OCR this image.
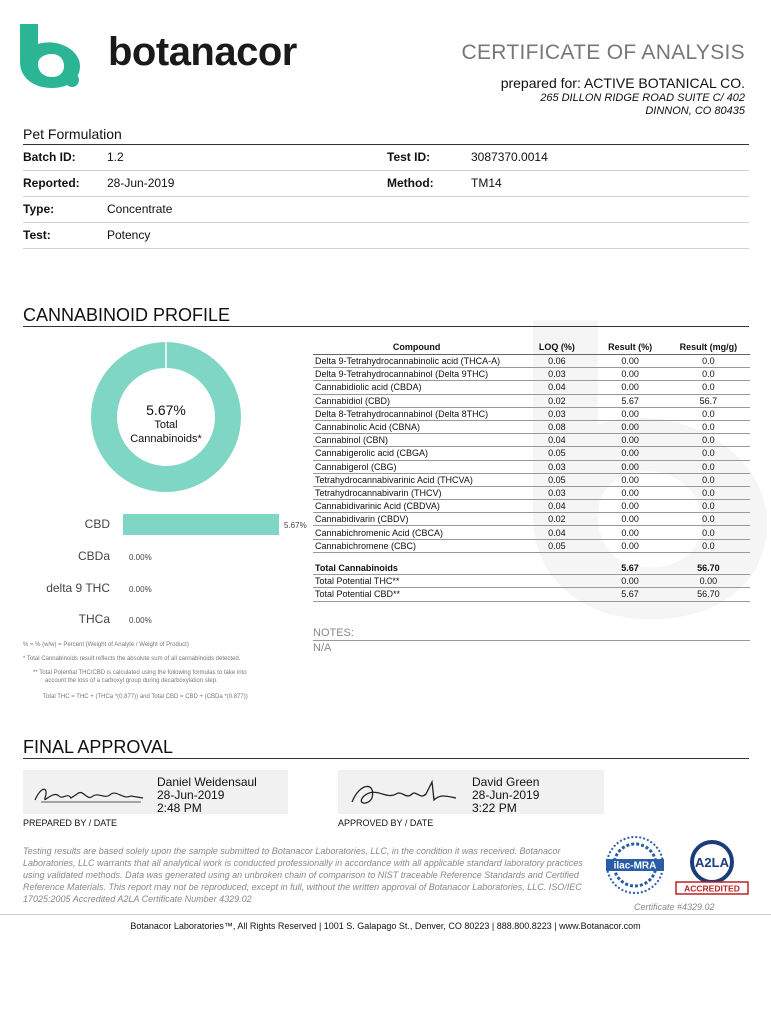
botanacor	CERTIFICATE OF ANALYSIS
prepared for: ACTIVE BOTANICAL CO.
265 DILLON RIDGE ROAD SUITE C/ 402
DINNON, CO 80435
Pet Formulation
Batch ID:	1.2	Test ID:	3087370.0014
Reported: 28-Jun-2019	Method:	TM14
Type:	Concentrate
Test:	Potency
CANNABINOID PROFILE
5.67%
Total
Cannabinoids*
CBD	5.67%
CBDa 0.00%
delta 9 THC 0.00%
THCa 0.00%
Compound	LOQ (%)	Result (%)	Result (mg/g)
Delta 9-Tetrahydrocannabinolic acid (THCA-A)	0.06	0.00	0.0
Delta 9-Tetrahydrocannabinol (Delta 9THC)	0.03	0.00	0.0
Cannabidiolic acid (CBDA)	0.04	0.00	0.0
Cannabidiol (CBD)	0.02	5.67	56.7
Delta 8-Tetrahydrocannabinol (Delta 8THC)	0.03	0.00	0.0
Cannabinolic Acid (CBNA)	0.08	0.00	0.0
Cannabinol (CBN)	0.04	0.00	0.0
Cannabigerolic acid (CBGA)	0.05	0.00	0.0
Cannabigerol (CBG)	0.03	0.00	0.0
Tetrahydrocannabivarinic Acid (THCVA)	0.05	0.00	0.0
Tetrahydrocannabivarin (THCV)	0.03	0.00	0.0
Cannabidivarinic Acid (CBDVA)	0.04	0.00	0.0
Cannabidivarin (CBDV)	0.02	0.00	0.0
Cannabichromenic Acid (CBCA)	0.04	0.00	0.0
Cannabichromene (CBC)	0.05	0.00	0.0
Total Cannabinoids		5.67	56.70
Total Potential THC**		0.00	0.00
Total Potential CBD**		5.67	56.70
NOTES:
N/A
% = % (w/w) = Percent (Weight of Analyte / Weight of Product)
* Total Cannabinoids result reflects the absolute sum of all cannabinoids detected.
** Total Potential THC/CBD is calculated using the following formulas to take into
account the loss of a carboxyl group during decarboxylation step.
Total THC = THC + (THCa *(0.877)) and Total CBD = CBD + (CBDa *(0.877))
FINAL APPROVAL
Daniel Weidensaul
28-Jun-2019
2:48 PM
PREPARED BY / DATE
David Green
28-Jun-2019
3:22 PM
APPROVED BY / DATE
Testing results are based solely upon the sample submitted to Botanacor Laboratories, LLC, in the condition it was received. Botanacor Laboratories, LLC warrants that all analytical work is conducted professionally in accordance with all applicable standard laboratory practices using validated methods. Data was generated using an unbroken chain of comparison to NIST traceable Reference Standards and Certified Reference Materials. This report may not be reproduced, except in full, without the written approval of Botanacor Laboratories, LLC. ISO/IEC 17025:2005 Accredited A2LA Certificate Number 4329.02
ilac-MRA	A2LA
ACCREDITED
Certificate #4329.02
Botanacor Laboratories™, All Rights Reserved | 1001 S. Galapago St., Denver, CO 80223 | 888.800.8223 | www.Botanacor.com
